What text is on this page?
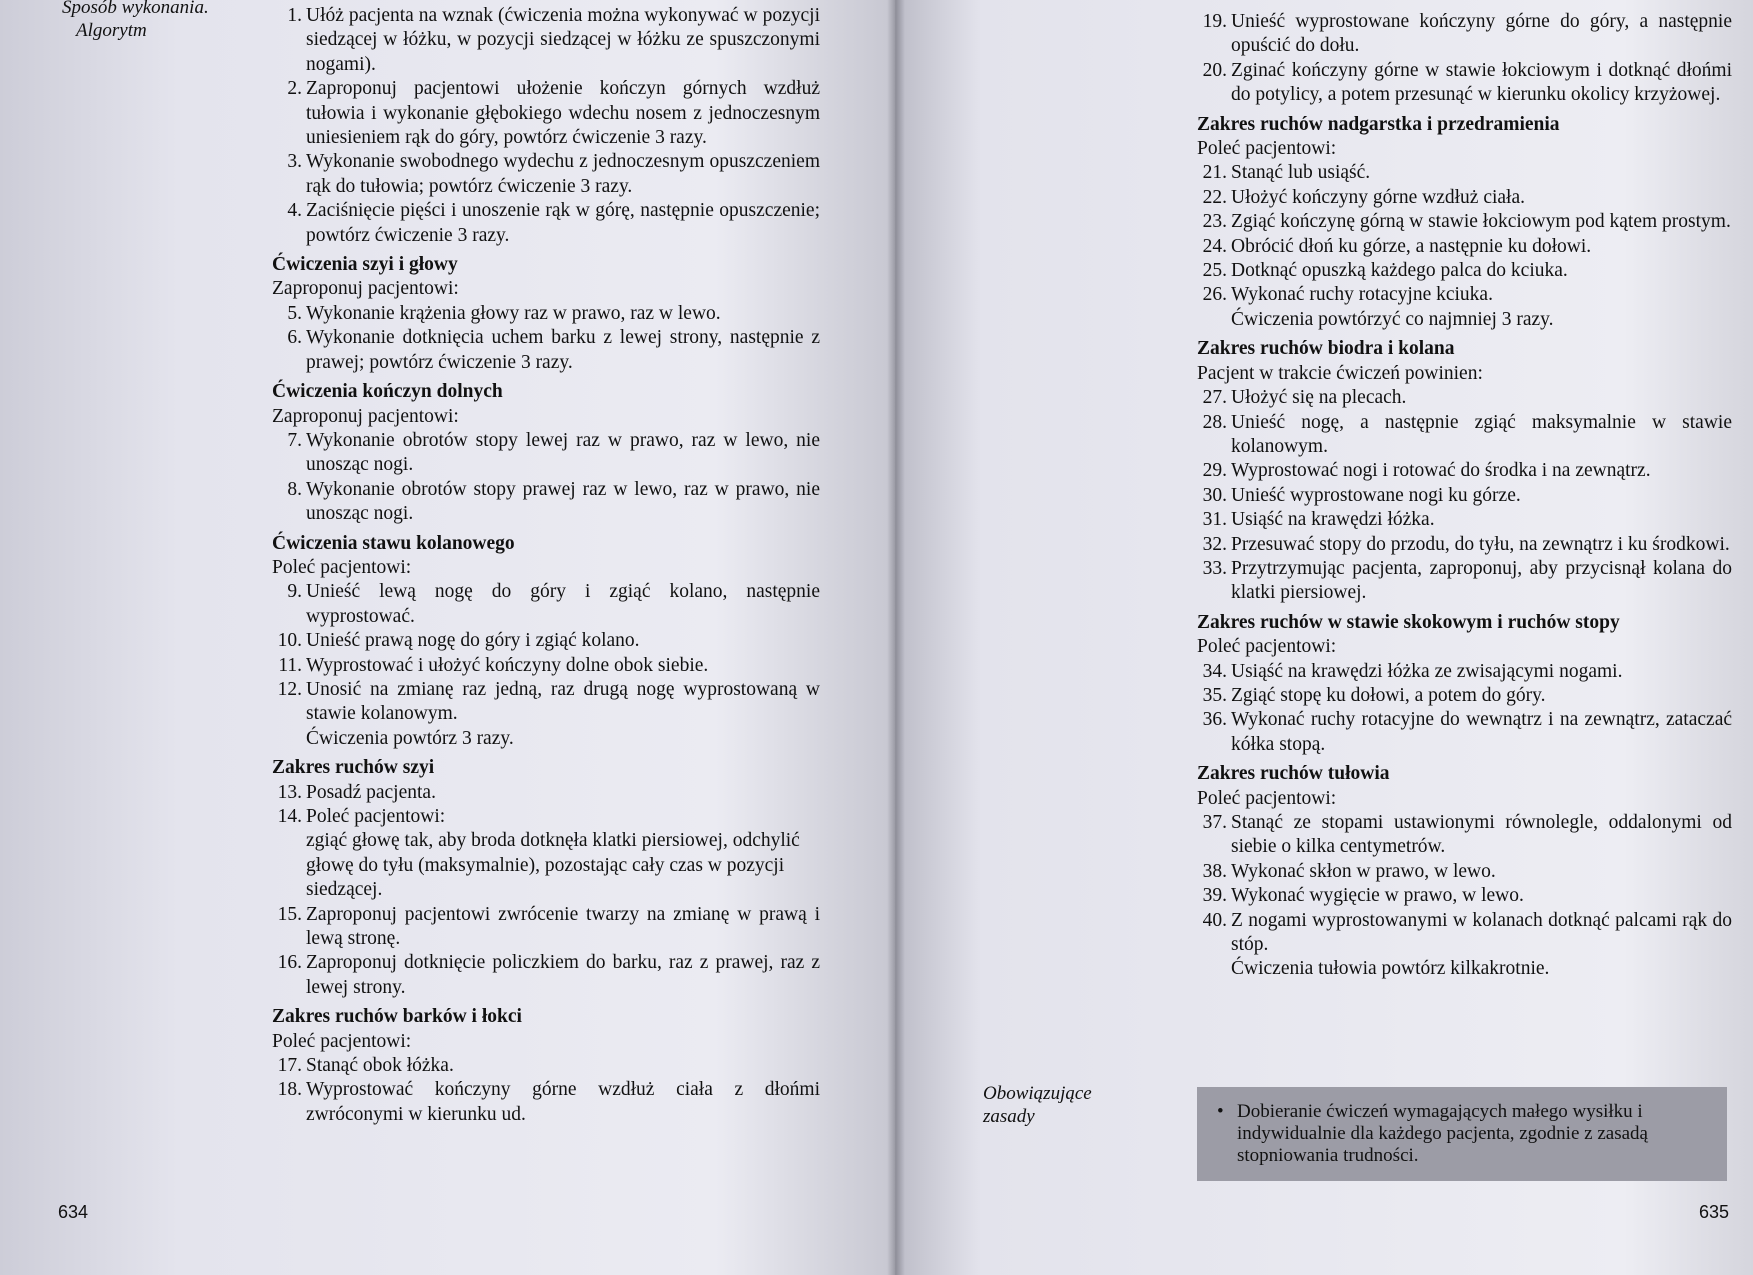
Sposób wykonania.
Algorytm
1. Ułóż pacjenta na wznak (ćwiczenia można wykonywać w pozycji siedzącej w łóżku, w pozycji siedzącej w łóżku ze spuszczonymi nogami).
2. Zaproponuj pacjentowi ułożenie kończyn górnych wzdłuż tułowia i wykonanie głębokiego wdechu nosem z jednoczesnym uniesieniem rąk do góry, powtórz ćwiczenie 3 razy.
3. Wykonanie swobodnego wydechu z jednoczesnym opuszczeniem rąk do tułowia; powtórz ćwiczenie 3 razy.
4. Zaciśnięcie pięści i unoszenie rąk w górę, następnie opuszczenie; powtórz ćwiczenie 3 razy.
Ćwiczenia szyi i głowy
Zaproponuj pacjentowi:
5. Wykonanie krążenia głowy raz w prawo, raz w lewo.
6. Wykonanie dotknięcia uchem barku z lewej strony, następnie z prawej; powtórz ćwiczenie 3 razy.
Ćwiczenia kończyn dolnych
Zaproponuj pacjentowi:
7. Wykonanie obrotów stopy lewej raz w prawo, raz w lewo, nie unosząc nogi.
8. Wykonanie obrotów stopy prawej raz w lewo, raz w prawo, nie unosząc nogi.
Ćwiczenia stawu kolanowego
Poleć pacjentowi:
9. Unieść lewą nogę do góry i zgiąć kolano, następnie wyprostować.
10. Unieść prawą nogę do góry i zgiąć kolano.
11. Wyprostować i ułożyć kończyny dolne obok siebie.
12. Unosić na zmianę raz jedną, raz drugą nogę wyprostowaną w stawie kolanowym.
Ćwiczenia powtórz 3 razy.
Zakres ruchów szyi
13. Posadź pacjenta.
14. Poleć pacjentowi:
zgiąć głowę tak, aby broda dotknęła klatki piersiowej, odchylić głowę do tyłu (maksymalnie), pozostając cały czas w pozycji siedzącej.
15. Zaproponuj pacjentowi zwrócenie twarzy na zmianę w prawą i lewą stronę.
16. Zaproponuj dotknięcie policzkiem do barku, raz z prawej, raz z lewej strony.
Zakres ruchów barków i łokci
Poleć pacjentowi:
17. Stanąć obok łóżka.
18. Wyprostować kończyny górne wzdłuż ciała z dłońmi zwróconymi w kierunku ud.
634
19. Unieść wyprostowane kończyny górne do góry, a następnie opuścić do dołu.
20. Zginać kończyny górne w stawie łokciowym i dotknąć dłońmi do potylicy, a potem przesunąć w kierunku okolicy krzyżowej.
Zakres ruchów nadgarstka i przedramienia
Poleć pacjentowi:
21. Stanąć lub usiąść.
22. Ułożyć kończyny górne wzdłuż ciała.
23. Zgiąć kończynę górną w stawie łokciowym pod kątem prostym.
24. Obrócić dłoń ku górze, a następnie ku dołowi.
25. Dotknąć opuszką każdego palca do kciuka.
26. Wykonać ruchy rotacyjne kciuka.
Ćwiczenia powtórzyć co najmniej 3 razy.
Zakres ruchów biodra i kolana
Pacjent w trakcie ćwiczeń powinien:
27. Ułożyć się na plecach.
28. Unieść nogę, a następnie zgiąć maksymalnie w stawie kolanowym.
29. Wyprostować nogi i rotować do środka i na zewnątrz.
30. Unieść wyprostowane nogi ku górze.
31. Usiąść na krawędzi łóżka.
32. Przesuwać stopy do przodu, do tyłu, na zewnątrz i ku środkowi.
33. Przytrzymując pacjenta, zaproponuj, aby przycisnął kolana do klatki piersiowej.
Zakres ruchów w stawie skokowym i ruchów stopy
Poleć pacjentowi:
34. Usiąść na krawędzi łóżka ze zwisającymi nogami.
35. Zgiąć stopę ku dołowi, a potem do góry.
36. Wykonać ruchy rotacyjne do wewnątrz i na zewnątrz, zataczać kółka stopą.
Zakres ruchów tułowia
Poleć pacjentowi:
37. Stanąć ze stopami ustawionymi równolegle, oddalonymi od siebie o kilka centymetrów.
38. Wykonać skłon w prawo, w lewo.
39. Wykonać wygięcie w prawo, w lewo.
40. Z nogami wyprostowanymi w kolanach dotknąć palcami rąk do stóp.
Ćwiczenia tułowia powtórz kilkakrotnie.
Obowiązujące
zasady
•	Dobieranie ćwiczeń wymagających małego wysiłku i indywidualnie dla każdego pacjenta, zgodnie z zasadą stopniowania trudności.
635
